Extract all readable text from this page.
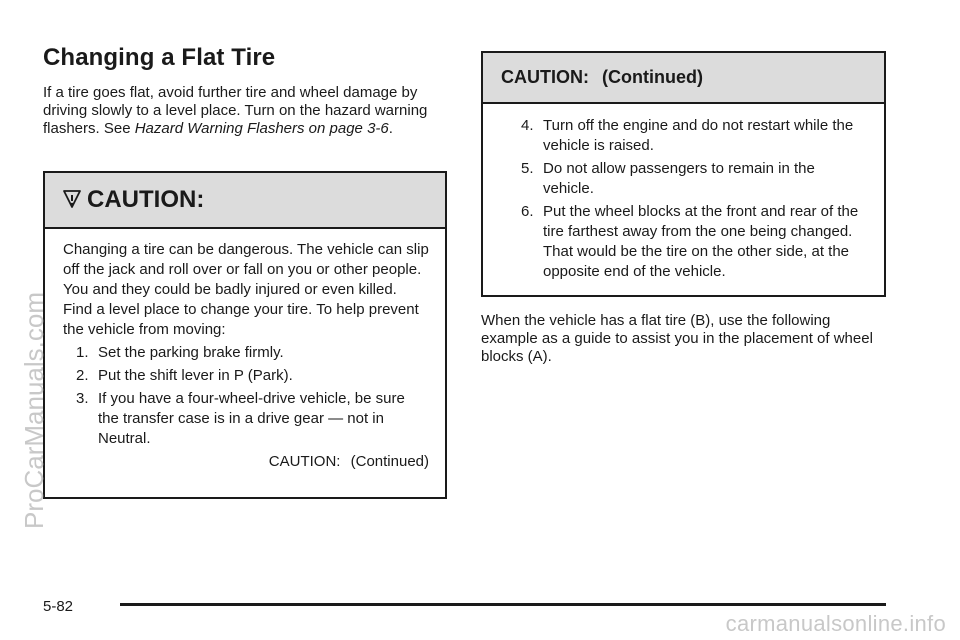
Changing a Flat Tire
If a tire goes flat, avoid further tire and wheel damage by driving slowly to a level place. Turn on the hazard warning flashers. See Hazard Warning Flashers on page 3-6.
CAUTION:
Changing a tire can be dangerous. The vehicle can slip off the jack and roll over or fall on you or other people. You and they could be badly injured or even killed. Find a level place to change your tire. To help prevent the vehicle from moving:
1. Set the parking brake firmly.
2. Put the shift lever in P (Park).
3. If you have a four-wheel-drive vehicle, be sure the transfer case is in a drive gear — not in Neutral.
CAUTION: (Continued)
CAUTION: (Continued)
4. Turn off the engine and do not restart while the vehicle is raised.
5. Do not allow passengers to remain in the vehicle.
6. Put the wheel blocks at the front and rear of the tire farthest away from the one being changed. That would be the tire on the other side, at the opposite end of the vehicle.
When the vehicle has a flat tire (B), use the following example as a guide to assist you in the placement of wheel blocks (A).
5-82
ProCarManuals.com
carmanualsonline.info
